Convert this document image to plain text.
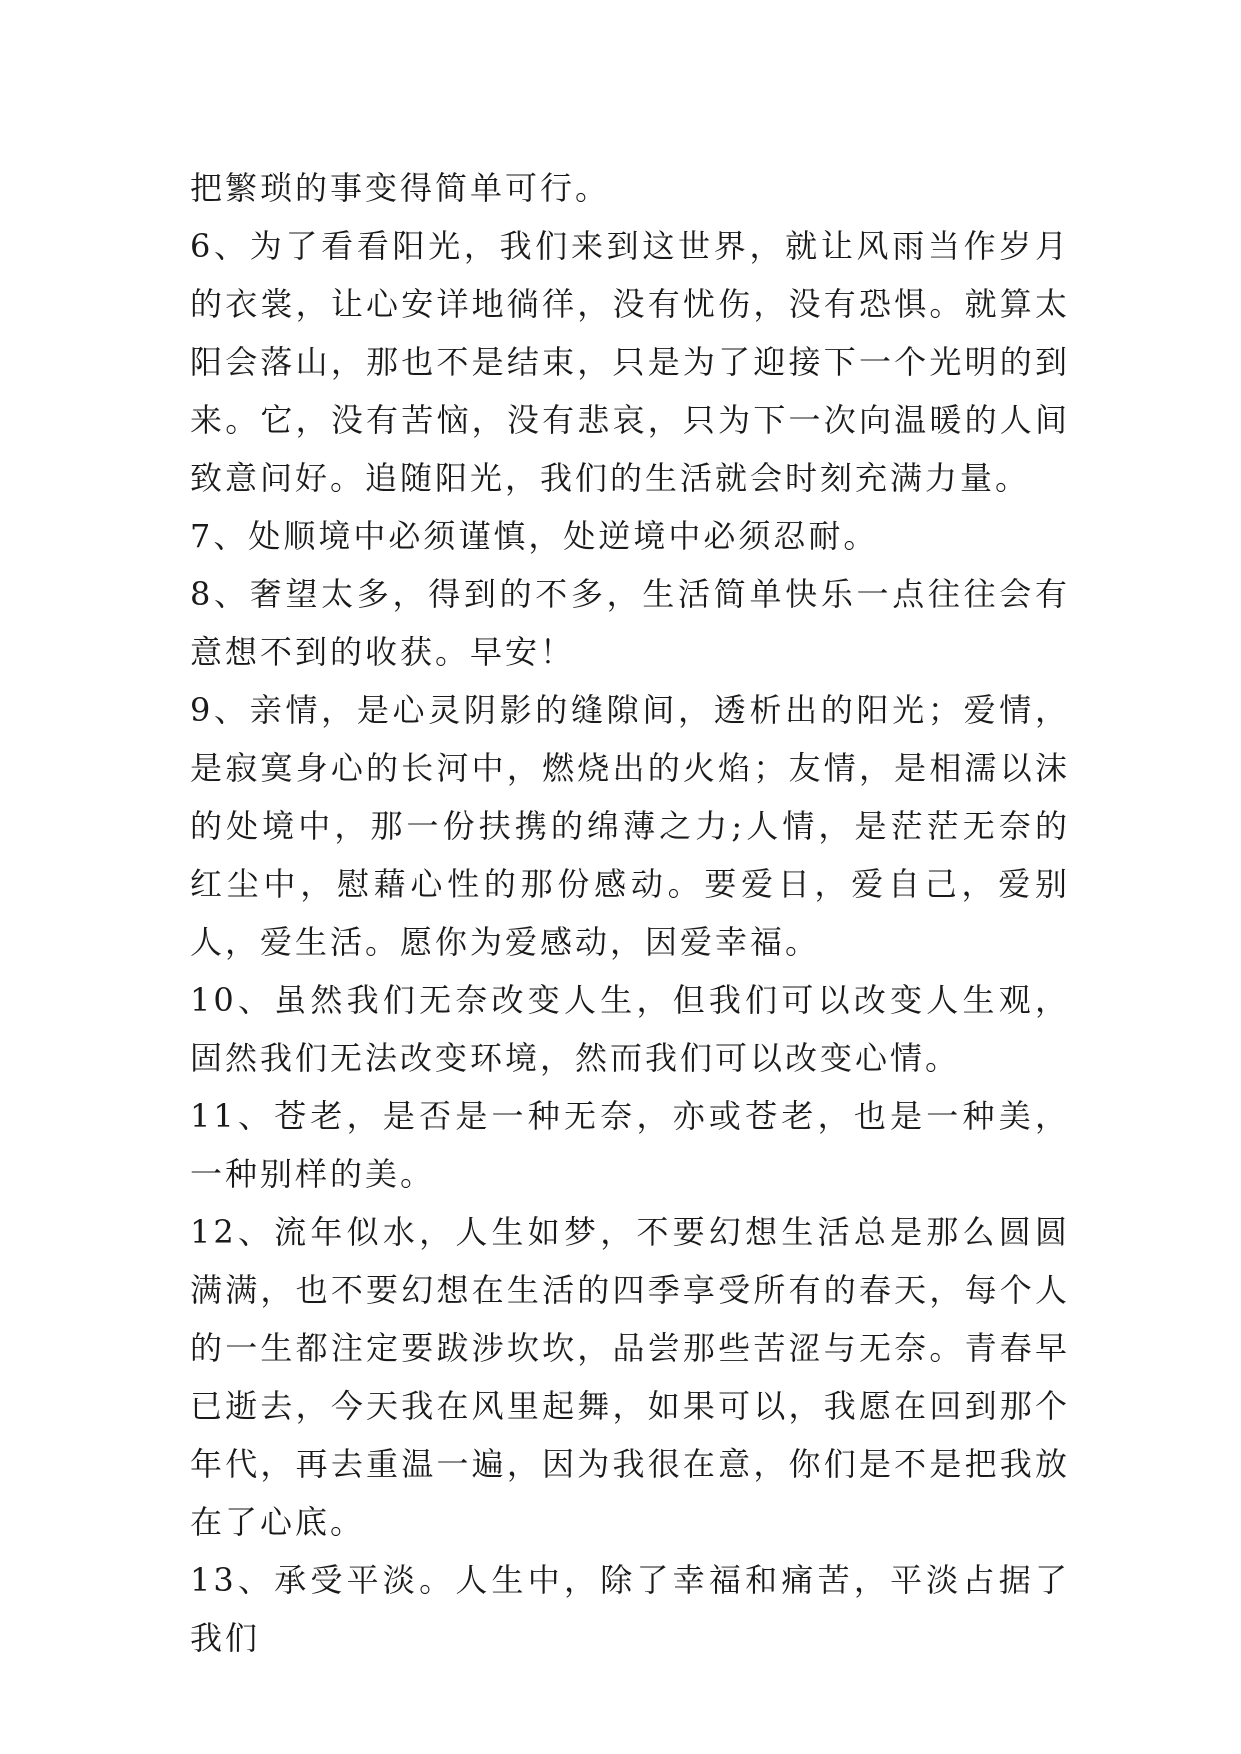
把繁琐的事变得简单可行。

6、为了看看阳光，我们来到这世界，就让风雨当作岁月的衣裳，让心安详地徜徉，没有忧伤，没有恐惧。就算太阳会落山，那也不是结束，只是为了迎接下一个光明的到来。它，没有苦恼，没有悲哀，只为下一次向温暖的人间致意问好。追随阳光，我们的生活就会时刻充满力量。

7、处顺境中必须谨慎，处逆境中必须忍耐。

8、奢望太多，得到的不多，生活简单快乐一点往往会有意想不到的收获。早安！

9、亲情，是心灵阴影的缝隙间，透析出的阳光；爱情，是寂寞身心的长河中，燃烧出的火焰；友情，是相濡以沫的处境中，那一份扶携的绵薄之力;人情，是茫茫无奈的红尘中，慰藉心性的那份感动。要爱日，爱自己，爱别人，爱生活。愿你为爱感动，因爱幸福。

10、虽然我们无奈改变人生，但我们可以改变人生观，固然我们无法改变环境，然而我们可以改变心情。

11、苍老，是否是一种无奈，亦或苍老，也是一种美，一种别样的美。

12、流年似水，人生如梦，不要幻想生活总是那么圆圆满满，也不要幻想在生活的四季享受所有的春天，每个人的一生都注定要跋涉坎坎，品尝那些苦涩与无奈。青春早已逝去，今天我在风里起舞，如果可以，我愿在回到那个年代，再去重温一遍，因为我很在意，你们是不是把我放在了心底。

13、承受平淡。人生中，除了幸福和痛苦，平淡占据了我们
